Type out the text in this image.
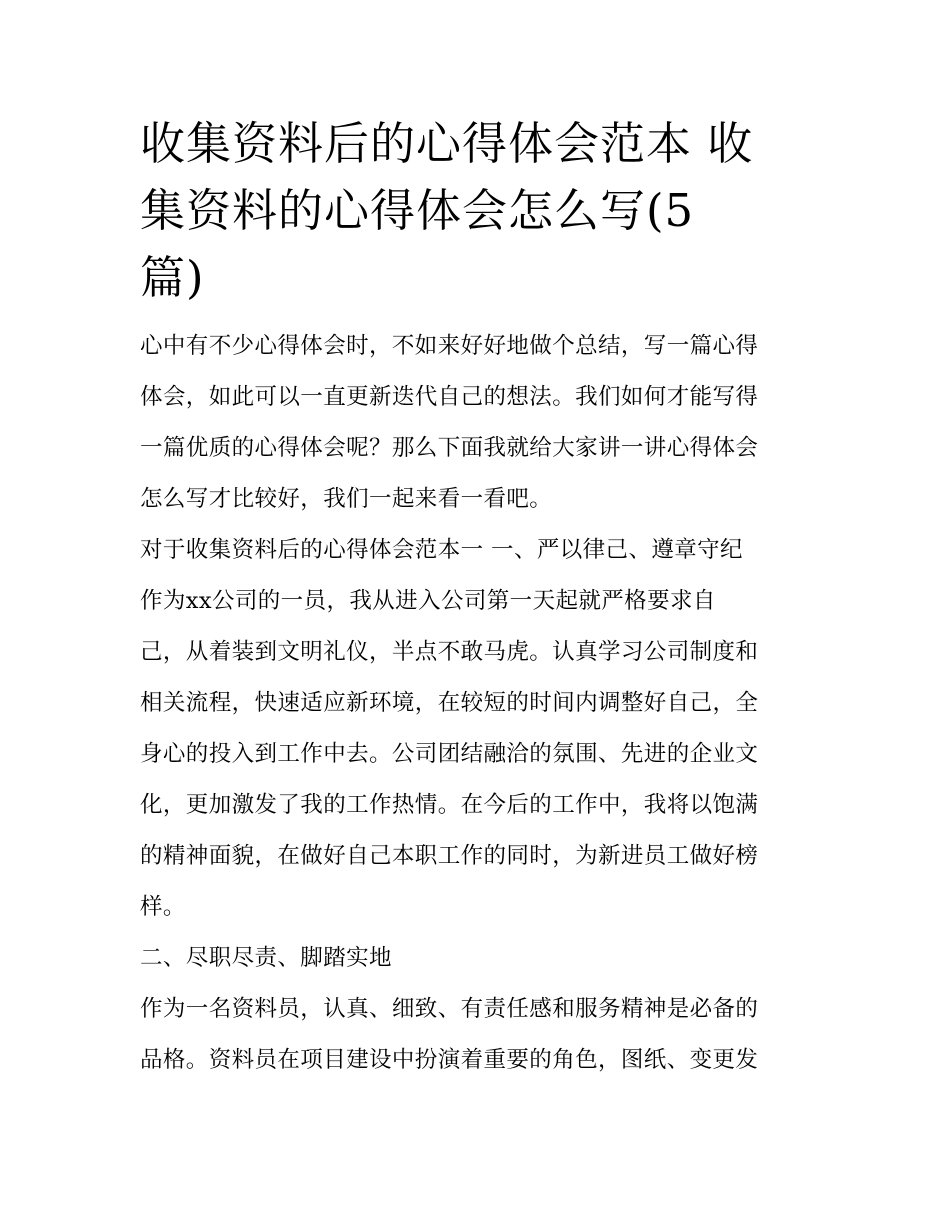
收集资料后的心得体会范本 收
集资料的心得体会怎么写(5
篇)

心中有不少心得体会时，不如来好好地做个总结，写一篇心得

体会，如此可以一直更新迭代自己的想法。我们如何才能写得

一篇优质的心得体会呢？那么下面我就给大家讲一讲心得体会

怎么写才比较好，我们一起来看一看吧。

对于收集资料后的心得体会范本一 一、严以律己、遵章守纪

作为xx公司的一员，我从进入公司第一天起就严格要求自

己，从着装到文明礼仪，半点不敢马虎。认真学习公司制度和

相关流程，快速适应新环境，在较短的时间内调整好自己，全

身心的投入到工作中去。公司团结融洽的氛围、先进的企业文

化，更加激发了我的工作热情。在今后的工作中，我将以饱满

的精神面貌，在做好自己本职工作的同时，为新进员工做好榜

样。

二、尽职尽责、脚踏实地

作为一名资料员，认真、细致、有责任感和服务精神是必备的

品格。资料员在项目建设中扮演着重要的角色，图纸、变更发
